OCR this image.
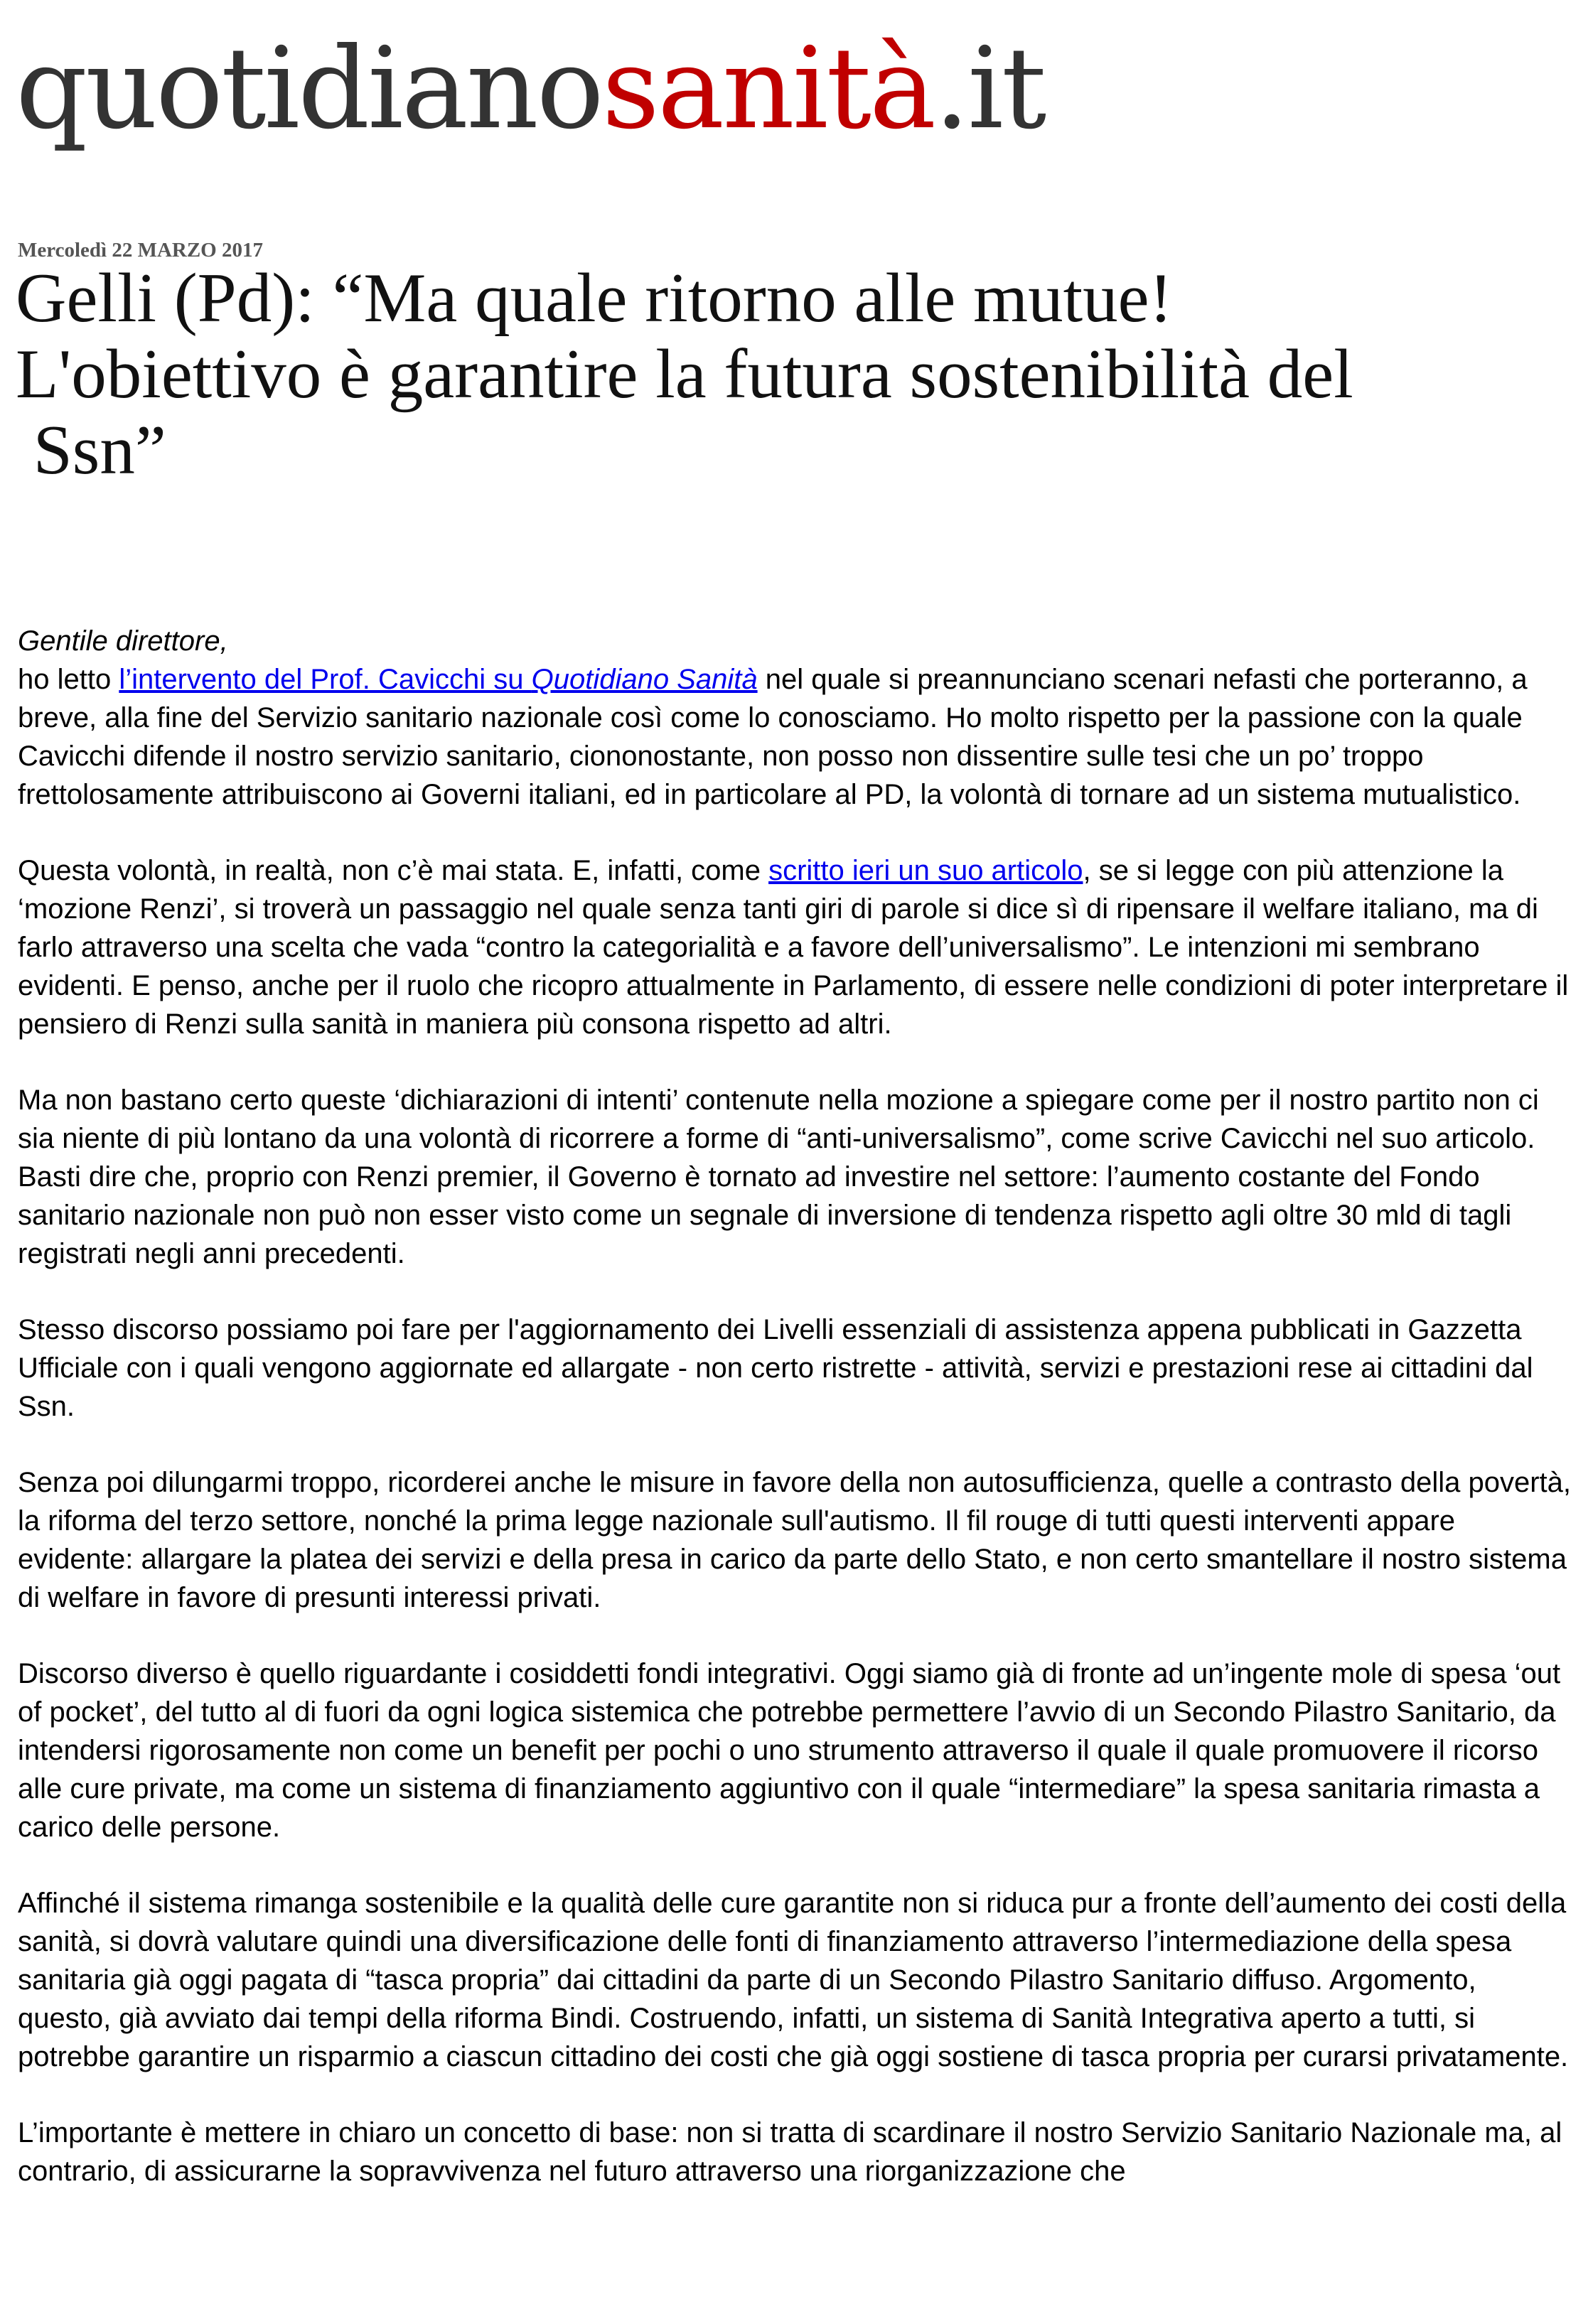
quotidianosanità.it
Mercoledì 22 MARZO 2017
Gelli (Pd): “Ma quale ritorno alle mutue!
L'obiettivo è garantire la futura sostenibilità del
Ssn”

Gentile direttore,
ho letto l’intervento del Prof. Cavicchi su Quotidiano Sanità nel quale si preannunciano scenari nefasti che porteranno, a breve, alla fine del Servizio sanitario nazionale così come lo conosciamo. Ho molto rispetto per la passione con la quale Cavicchi difende il nostro servizio sanitario, ciononostante, non posso non dissentire sulle tesi che un po’ troppo frettolosamente attribuiscono ai Governi italiani, ed in particolare al PD, la volontà di tornare ad un sistema mutualistico.

Questa volontà, in realtà, non c’è mai stata. E, infatti, come scritto ieri un suo articolo, se si legge con più attenzione la ‘mozione Renzi’, si troverà un passaggio nel quale senza tanti giri di parole si dice sì di ripensare il welfare italiano, ma di farlo attraverso una scelta che vada “contro la categorialità e a favore dell’universalismo”. Le intenzioni mi sembrano evidenti. E penso, anche per il ruolo che ricopro attualmente in Parlamento, di essere nelle condizioni di poter interpretare il pensiero di Renzi sulla sanità in maniera più consona rispetto ad altri.

Ma non bastano certo queste ‘dichiarazioni di intenti’ contenute nella mozione a spiegare come per il nostro partito non ci sia niente di più lontano da una volontà di ricorrere a forme di “anti-universalismo”, come scrive Cavicchi nel suo articolo. Basti dire che, proprio con Renzi premier, il Governo è tornato ad investire nel settore: l’aumento costante del Fondo sanitario nazionale non può non esser visto come un segnale di inversione di tendenza rispetto agli oltre 30 mld di tagli registrati negli anni precedenti.

Stesso discorso possiamo poi fare per l'aggiornamento dei Livelli essenziali di assistenza appena pubblicati in Gazzetta Ufficiale con i quali vengono aggiornate ed allargate - non certo ristrette - attività, servizi e prestazioni rese ai cittadini dal Ssn.

Senza poi dilungarmi troppo, ricorderei anche le misure in favore della non autosufficienza, quelle a contrasto della povertà, la riforma del terzo settore, nonché la prima legge nazionale sull'autismo. Il fil rouge di tutti questi interventi appare evidente: allargare la platea dei servizi e della presa in carico da parte dello Stato, e non certo smantellare il nostro sistema di welfare in favore di presunti interessi privati.

Discorso diverso è quello riguardante i cosiddetti fondi integrativi. Oggi siamo già di fronte ad un’ingente mole di spesa ‘out of pocket’, del tutto al di fuori da ogni logica sistemica che potrebbe permettere l’avvio di un Secondo Pilastro Sanitario, da intendersi rigorosamente non come un benefit per pochi o uno strumento attraverso il quale il quale promuovere il ricorso alle cure private, ma come un sistema di finanziamento aggiuntivo con il quale “intermediare” la spesa sanitaria rimasta a carico delle persone.

Affinché il sistema rimanga sostenibile e la qualità delle cure garantite non si riduca pur a fronte dell’aumento dei costi della sanità, si dovrà valutare quindi una diversificazione delle fonti di finanziamento attraverso l’intermediazione della spesa sanitaria già oggi pagata di “tasca propria” dai cittadini da parte di un Secondo Pilastro Sanitario diffuso. Argomento, questo, già avviato dai tempi della riforma Bindi. Costruendo, infatti, un sistema di Sanità Integrativa aperto a tutti, si potrebbe garantire un risparmio a ciascun cittadino dei costi che già oggi sostiene di tasca propria per curarsi privatamente.

L’importante è mettere in chiaro un concetto di base: non si tratta di scardinare il nostro Servizio Sanitario Nazionale ma, al contrario, di assicurarne la sopravvivenza nel futuro attraverso una riorganizzazione che
